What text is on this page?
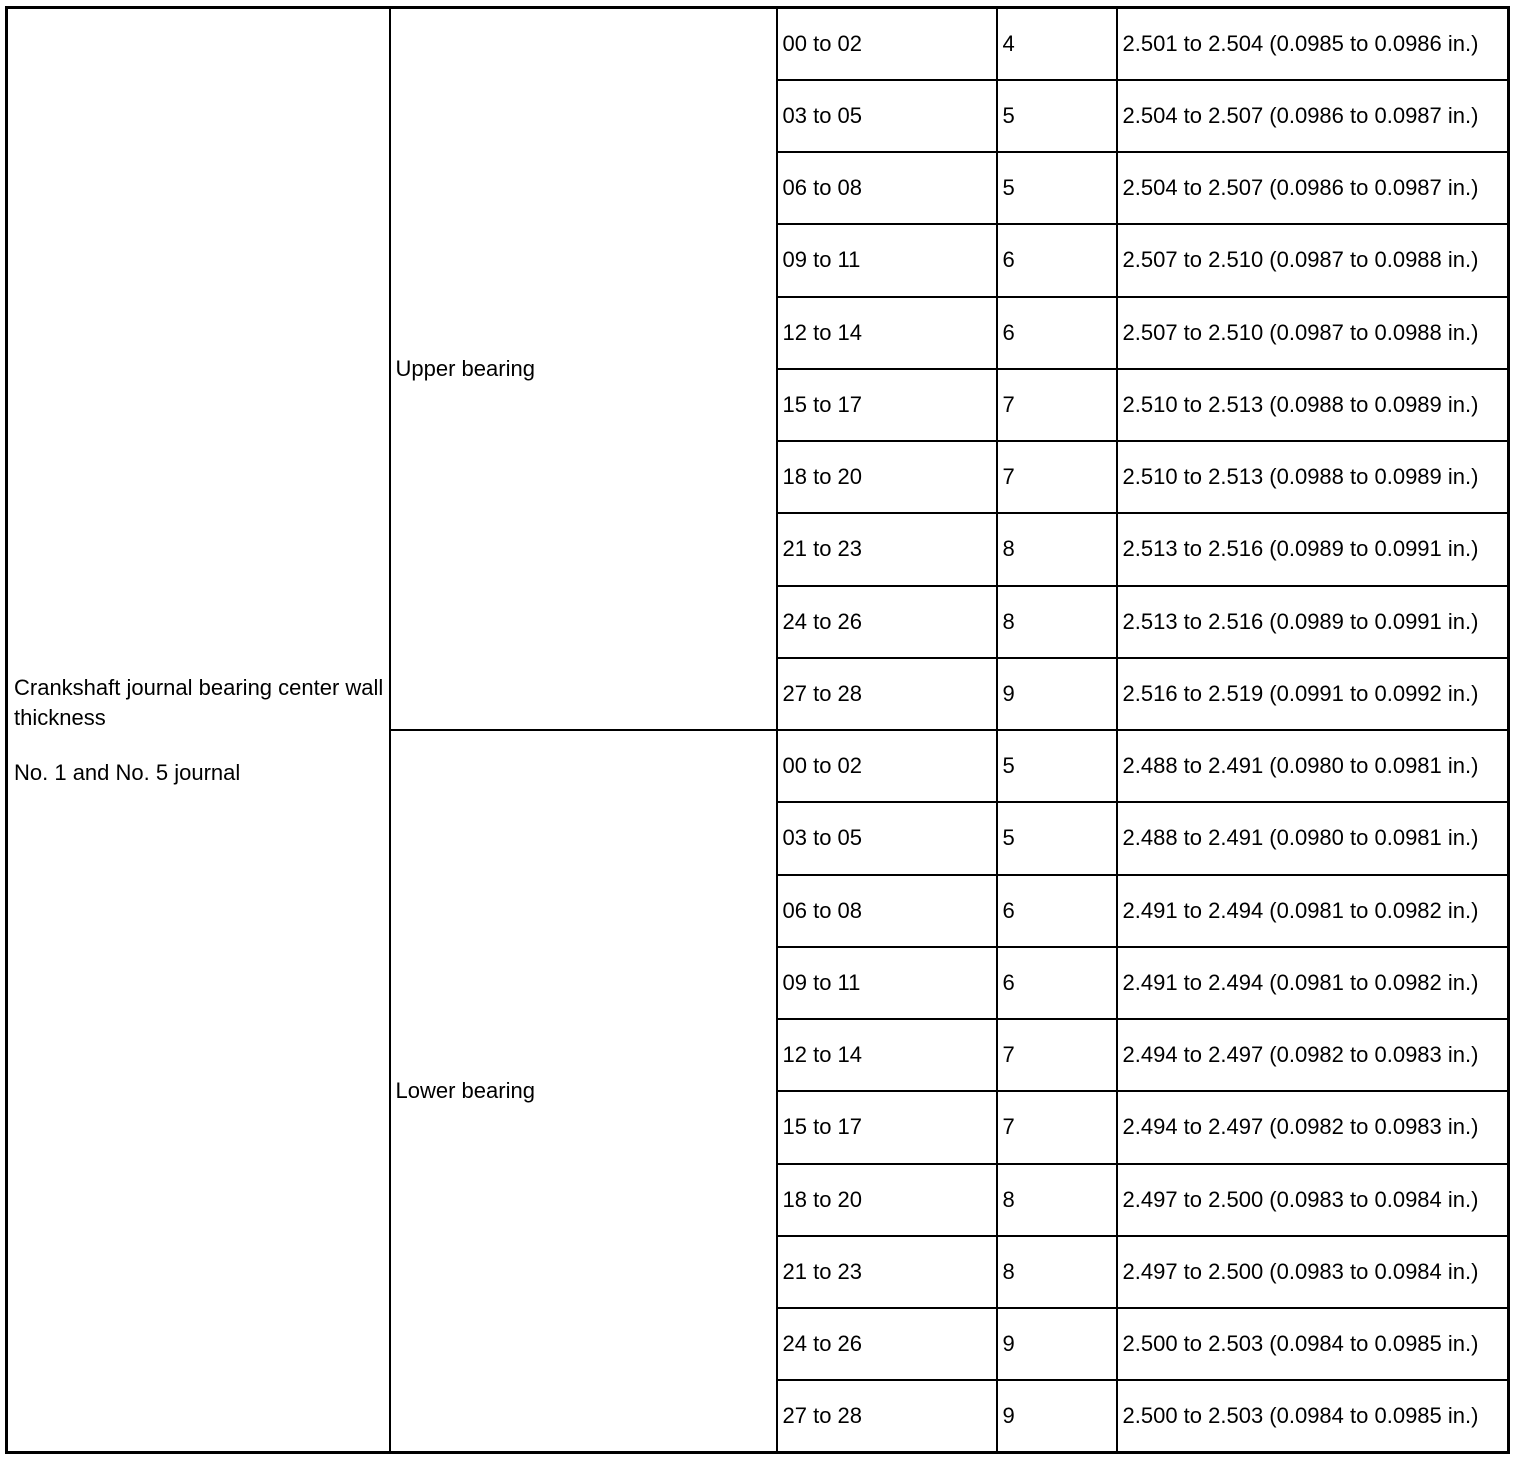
Crankshaft journal bearing center wall thickness

No. 1 and No. 5 journal	Upper bearing	00 to 02	4	2.501 to 2.504 (0.0985 to 0.0986 in.)
		03 to 05	5	2.504 to 2.507 (0.0986 to 0.0987 in.)
		06 to 08	5	2.504 to 2.507 (0.0986 to 0.0987 in.)
		09 to 11	6	2.507 to 2.510 (0.0987 to 0.0988 in.)
		12 to 14	6	2.507 to 2.510 (0.0987 to 0.0988 in.)
		15 to 17	7	2.510 to 2.513 (0.0988 to 0.0989 in.)
		18 to 20	7	2.510 to 2.513 (0.0988 to 0.0989 in.)
		21 to 23	8	2.513 to 2.516 (0.0989 to 0.0991 in.)
		24 to 26	8	2.513 to 2.516 (0.0989 to 0.0991 in.)
		27 to 28	9	2.516 to 2.519 (0.0991 to 0.0992 in.)
	Lower bearing	00 to 02	5	2.488 to 2.491 (0.0980 to 0.0981 in.)
		03 to 05	5	2.488 to 2.491 (0.0980 to 0.0981 in.)
		06 to 08	6	2.491 to 2.494 (0.0981 to 0.0982 in.)
		09 to 11	6	2.491 to 2.494 (0.0981 to 0.0982 in.)
		12 to 14	7	2.494 to 2.497 (0.0982 to 0.0983 in.)
		15 to 17	7	2.494 to 2.497 (0.0982 to 0.0983 in.)
		18 to 20	8	2.497 to 2.500 (0.0983 to 0.0984 in.)
		21 to 23	8	2.497 to 2.500 (0.0983 to 0.0984 in.)
		24 to 26	9	2.500 to 2.503 (0.0984 to 0.0985 in.)
		27 to 28	9	2.500 to 2.503 (0.0984 to 0.0985 in.)
